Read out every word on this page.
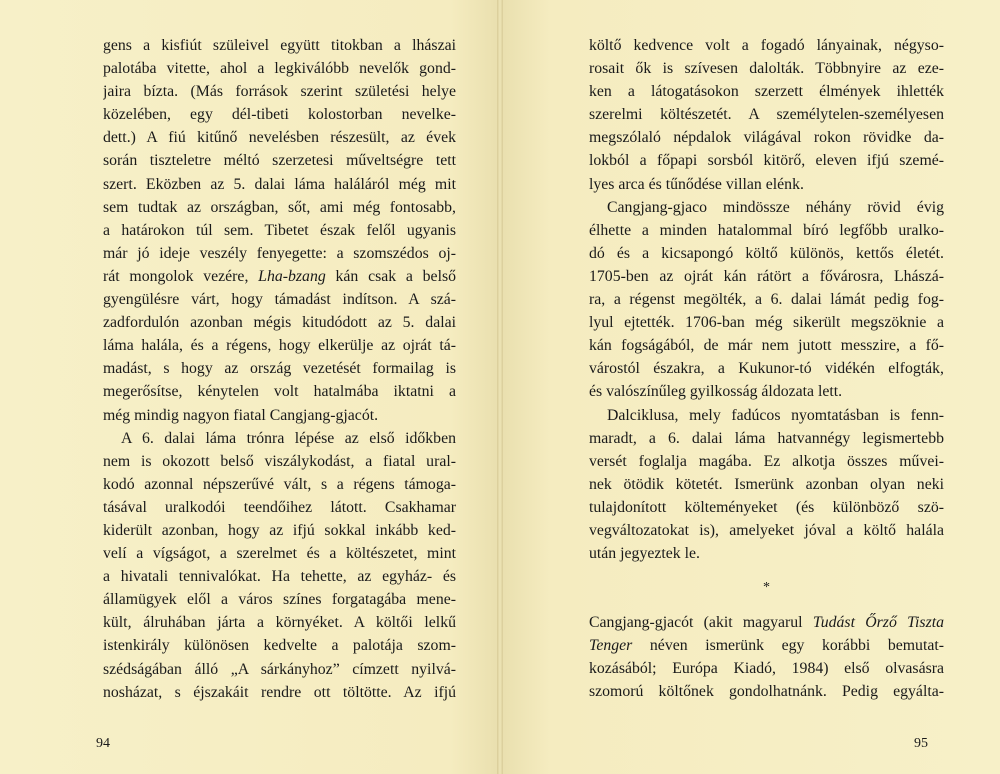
gens a kisfiút szüleivel együtt titokban a lhászai
palotába vitette, ahol a legkiválóbb nevelők gond-
jaira bízta. (Más források szerint születési helye
közelében, egy dél-tibeti kolostorban nevelke-
dett.) A fiú kitűnő nevelésben részesült, az évek
során tiszteletre méltó szerzetesi műveltségre tett
szert. Eközben az 5. dalai láma haláláról még mit
sem tudtak az országban, sőt, ami még fontosabb,
a határokon túl sem. Tibetet észak felől ugyanis
már jó ideje veszély fenyegette: a szomszédos oj-
rát mongolok vezére, Lha-bzang kán csak a belső
gyengülésre várt, hogy támadást indítson. A szá-
zadfordulón azonban mégis kitudódott az 5. dalai
láma halála, és a régens, hogy elkerülje az ojrát tá-
madást, s hogy az ország vezetését formailag is
megerősítse, kénytelen volt hatalmába iktatni a
még mindig nagyon fiatal Cangjang-gjacót.
A 6. dalai láma trónra lépése az első időkben
nem is okozott belső viszálykodást, a fiatal ural-
kodó azonnal népszerűvé vált, s a régens támoga-
tásával uralkodói teendőihez látott. Csakhamar
kiderült azonban, hogy az ifjú sokkal inkább ked-
velí a vígságot, a szerelmet és a költészetet, mint
a hivatali tennivalókat. Ha tehette, az egyház- és
államügyek elől a város színes forgatagába mene-
kült, álruhában járta a környéket. A költői lelkű
istenkirály különösen kedvelte a palotája szom-
szédságában álló „A sárkányhoz” címzett nyilvá-
nosházat, s éjszakáit rendre ott töltötte. Az ifjú
94
költő kedvence volt a fogadó lányainak, négyso-
rosait ők is szívesen dalolták. Többnyire az eze-
ken a látogatásokon szerzett élmények ihlették
szerelmi költészetét. A személytelen-személyesen
megszólaló népdalok világával rokon rövidke da-
lokból a főpapi sorsból kitörő, eleven ifjú szemé-
lyes arca és tűnődése villan elénk.
Cangjang-gjaco mindössze néhány rövid évig
élhette a minden hatalommal bíró legfőbb uralko-
dó és a kicsapongó költő különös, kettős életét.
1705-ben az ojrát kán rátört a fővárosra, Lhászá-
ra, a régenst megölték, a 6. dalai lámát pedig fog-
lyul ejtették. 1706-ban még sikerült megszöknie a
kán fogságából, de már nem jutott messzire, a fő-
várostól északra, a Kukunor-tó vidékén elfogták,
és valószínűleg gyilkosság áldozata lett.
Dalciklusa, mely fadúcos nyomtatásban is fenn-
maradt, a 6. dalai láma hatvannégy legismertebb
versét foglalja magába. Ez alkotja összes művei-
nek ötödik kötetét. Ismerünk azonban olyan neki
tulajdonított költeményeket (és különböző szö-
vegváltozatokat is), amelyeket jóval a költő halála
után jegyeztek le.
*
Cangjang-gjacót (akit magyarul Tudást Őrző Tiszta
Tenger néven ismerünk egy korábbi bemutat-
kozásából; Európa Kiadó, 1984) első olvasásra
szomorú költőnek gondolhatnánk. Pedig egyálta-
95
